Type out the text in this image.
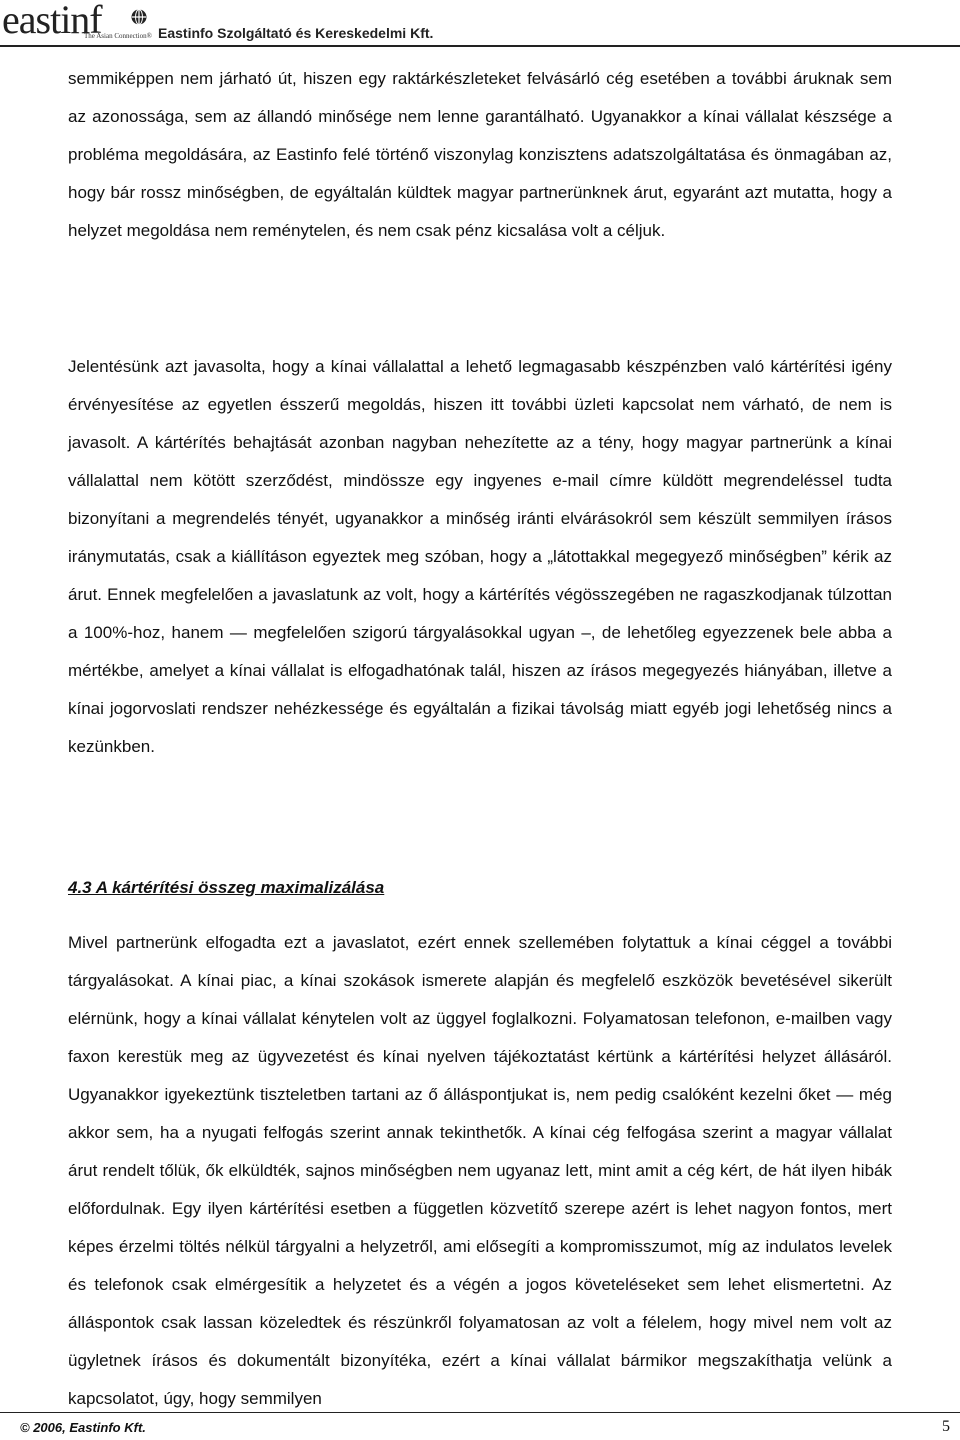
eastinf
The Asian Connection® Eastinfo Szolgáltató és Kereskedelmi Kft.

semmiképpen nem járható út, hiszen egy raktárkészleteket felvásárló cég esetében a további áruknak sem az azonossága, sem az állandó minősége nem lenne garantálható. Ugyanakkor a kínai vállalat készsége a probléma megoldására, az Eastinfo felé történő viszonylag konzisztens adatszolgáltatása és önmagában az, hogy bár rossz minőségben, de egyáltalán küldtek magyar partnerünknek árut, egyaránt azt mutatta, hogy a helyzet megoldása nem reménytelen, és nem csak pénz kicsalása volt a céljuk.

Jelentésünk azt javasolta, hogy a kínai vállalattal a lehető legmagasabb készpénzben való kártérítési igény érvényesítése az egyetlen ésszerű megoldás, hiszen itt további üzleti kapcsolat nem várható, de nem is javasolt. A kártérítés behajtását azonban nagyban nehezítette az a tény, hogy magyar partnerünk a kínai vállalattal nem kötött szerződést, mindössze egy ingyenes e-mail címre küldött megrendeléssel tudta bizonyítani a megrendelés tényét, ugyanakkor a minőség iránti elvárásokról sem készült semmilyen írásos iránymutatás, csak a kiállításon egyeztek meg szóban, hogy a „látottakkal megegyező minőségben” kérik az árut. Ennek megfelelően a javaslatunk az volt, hogy a kártérítés végösszegében ne ragaszkodjanak túlzottan a 100%-hoz, hanem — megfelelően szigorú tárgyalásokkal ugyan –, de lehetőleg egyezzenek bele abba a mértékbe, amelyet a kínai vállalat is elfogadhatónak talál, hiszen az írásos megegyezés hiányában, illetve a kínai jogorvoslati rendszer nehézkessége és egyáltalán a fizikai távolság miatt egyéb jogi lehetőség nincs a kezünkben.

4.3 A kártérítési összeg maximalizálása

Mivel partnerünk elfogadta ezt a javaslatot, ezért ennek szellemében folytattuk a kínai céggel a további tárgyalásokat. A kínai piac, a kínai szokások ismerete alapján és megfelelő eszközök bevetésével sikerült elérnünk, hogy a kínai vállalat kénytelen volt az üggyel foglalkozni. Folyamatosan telefonon, e-mailben vagy faxon kerestük meg az ügyvezetést és kínai nyelven tájékoztatást kértünk a kártérítési helyzet állásáról. Ugyanakkor igyekeztünk tiszteletben tartani az ő álláspontjukat is, nem pedig csalóként kezelni őket — még akkor sem, ha a nyugati felfogás szerint annak tekinthetők. A kínai cég felfogása szerint a magyar vállalat árut rendelt tőlük, ők elküldték, sajnos minőségben nem ugyanaz lett, mint amit a cég kért, de hát ilyen hibák előfordulnak. Egy ilyen kártérítési esetben a független közvetítő szerepe azért is lehet nagyon fontos, mert képes érzelmi töltés nélkül tárgyalni a helyzetről, ami elősegíti a kompromisszumot, míg az indulatos levelek és telefonok csak elmérgesítik a helyzetet és a végén a jogos követeléseket sem lehet elismertetni. Az álláspontok csak lassan közeledtek és részünkről folyamatosan az volt a félelem, hogy mivel nem volt az ügyletnek írásos és dokumentált bizonyítéka, ezért a kínai vállalat bármikor megszakíthatja velünk a kapcsolatot, úgy, hogy semmilyen

© 2006, Eastinfo Kft.	5
